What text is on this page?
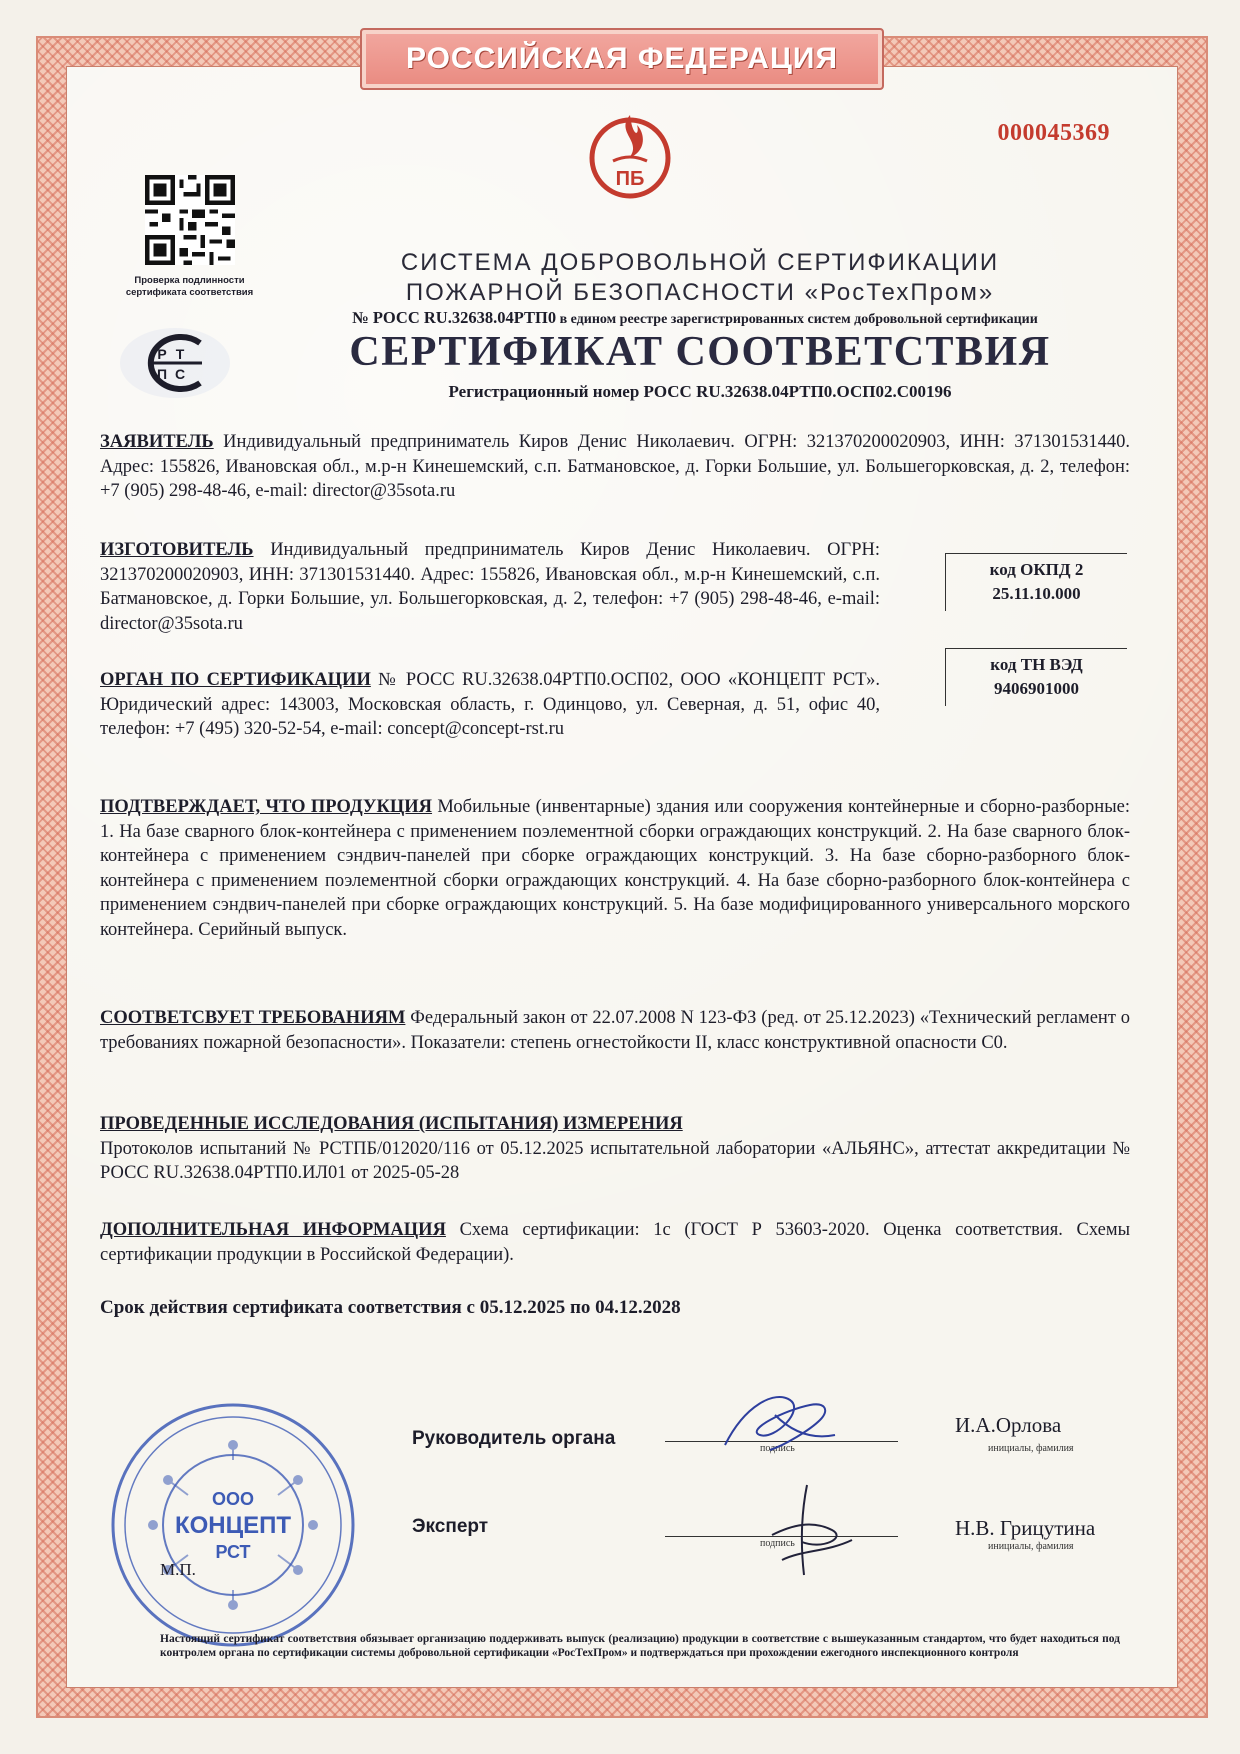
РОССИЙСКАЯ ФЕДЕРАЦИЯ
000045369
ПБ
Проверка подлинности сертификата соответствия
Р Т
П С
СИСТЕМА ДОБРОВОЛЬНОЙ СЕРТИФИКАЦИИ
ПОЖАРНОЙ БЕЗОПАСНОСТИ «РосТехПром»
№ РОСС RU.32638.04РТП0 в едином реестре зарегистрированных систем добровольной сертификации
СЕРТИФИКАТ СООТВЕТСТВИЯ
Регистрационный номер РОСС RU.32638.04РТП0.ОСП02.С00196
ЗАЯВИТЕЛЬ Индивидуальный предприниматель Киров Денис Николаевич. ОГРН: 321370200020903, ИНН: 371301531440. Адрес: 155826, Ивановская обл., м.р-н Кинешемский, с.п. Батмановское, д. Горки Большие, ул. Большегорковская, д. 2, телефон: +7 (905) 298-48-46, e-mail: director@35sota.ru
ИЗГОТОВИТЕЛЬ Индивидуальный предприниматель Киров Денис Николаевич. ОГРН: 321370200020903, ИНН: 371301531440. Адрес: 155826, Ивановская обл., м.р-н Кинешемский, с.п. Батмановское, д. Горки Большие, ул. Большегорковская, д. 2, телефон: +7 (905) 298-48-46, e-mail: director@35sota.ru
код ОКПД 2
25.11.10.000
код ТН ВЭД
9406901000
ОРГАН ПО СЕРТИФИКАЦИИ № РОСС RU.32638.04РТП0.ОСП02, ООО «КОНЦЕПТ РСТ». Юридический адрес: 143003, Московская область, г. Одинцово, ул. Северная, д. 51, офис 40, телефон: +7 (495) 320-52-54, e-mail: concept@concept-rst.ru
ПОДТВЕРЖДАЕТ, ЧТО ПРОДУКЦИЯ Мобильные (инвентарные) здания или сооружения контейнерные и сборно-разборные: 1. На базе сварного блок-контейнера с применением поэлементной сборки ограждающих конструкций. 2. На базе сварного блок-контейнера с применением сэндвич-панелей при сборке ограждающих конструкций. 3. На базе сборно-разборного блок-контейнера с применением поэлементной сборки ограждающих конструкций. 4. На базе сборно-разборного блок-контейнера с применением сэндвич-панелей при сборке ограждающих конструкций. 5. На базе модифицированного универсального морского контейнера. Серийный выпуск.
СООТВЕТСВУЕТ ТРЕБОВАНИЯМ Федеральный закон от 22.07.2008 N 123-ФЗ (ред. от 25.12.2023) «Технический регламент о требованиях пожарной безопасности». Показатели: степень огнестойкости II, класс конструктивной опасности С0.
ПРОВЕДЕННЫЕ ИССЛЕДОВАНИЯ (ИСПЫТАНИЯ) ИЗМЕРЕНИЯ
Протоколов испытаний № РСТПБ/012020/116 от 05.12.2025 испытательной лаборатории «АЛЬЯНС», аттестат аккредитации № РОСС RU.32638.04РТП0.ИЛ01 от 2025-05-28
ДОПОЛНИТЕЛЬНАЯ ИНФОРМАЦИЯ Схема сертификации: 1с (ГОСТ Р 53603-2020. Оценка соответствия. Схемы сертификации продукции в Российской Федерации).
Срок действия сертификата соответствия с 05.12.2025 по 04.12.2028
ООО
КОНЦЕПТ
РСТ
М.П.
Руководитель органа	подпись
И.А.Орлова
инициалы, фамилия
Эксперт
подпись
Н.В. Грицутина
инициалы, фамилия
Настоящий сертификат соответствия обязывает организацию поддерживать выпуск (реализацию) продукции в соответствие с вышеуказанным стандартом, что будет находиться под контролем органа по сертификации системы добровольной сертификации «РосТехПром» и подтверждаться при прохождении ежегодного инспекционного контроля
